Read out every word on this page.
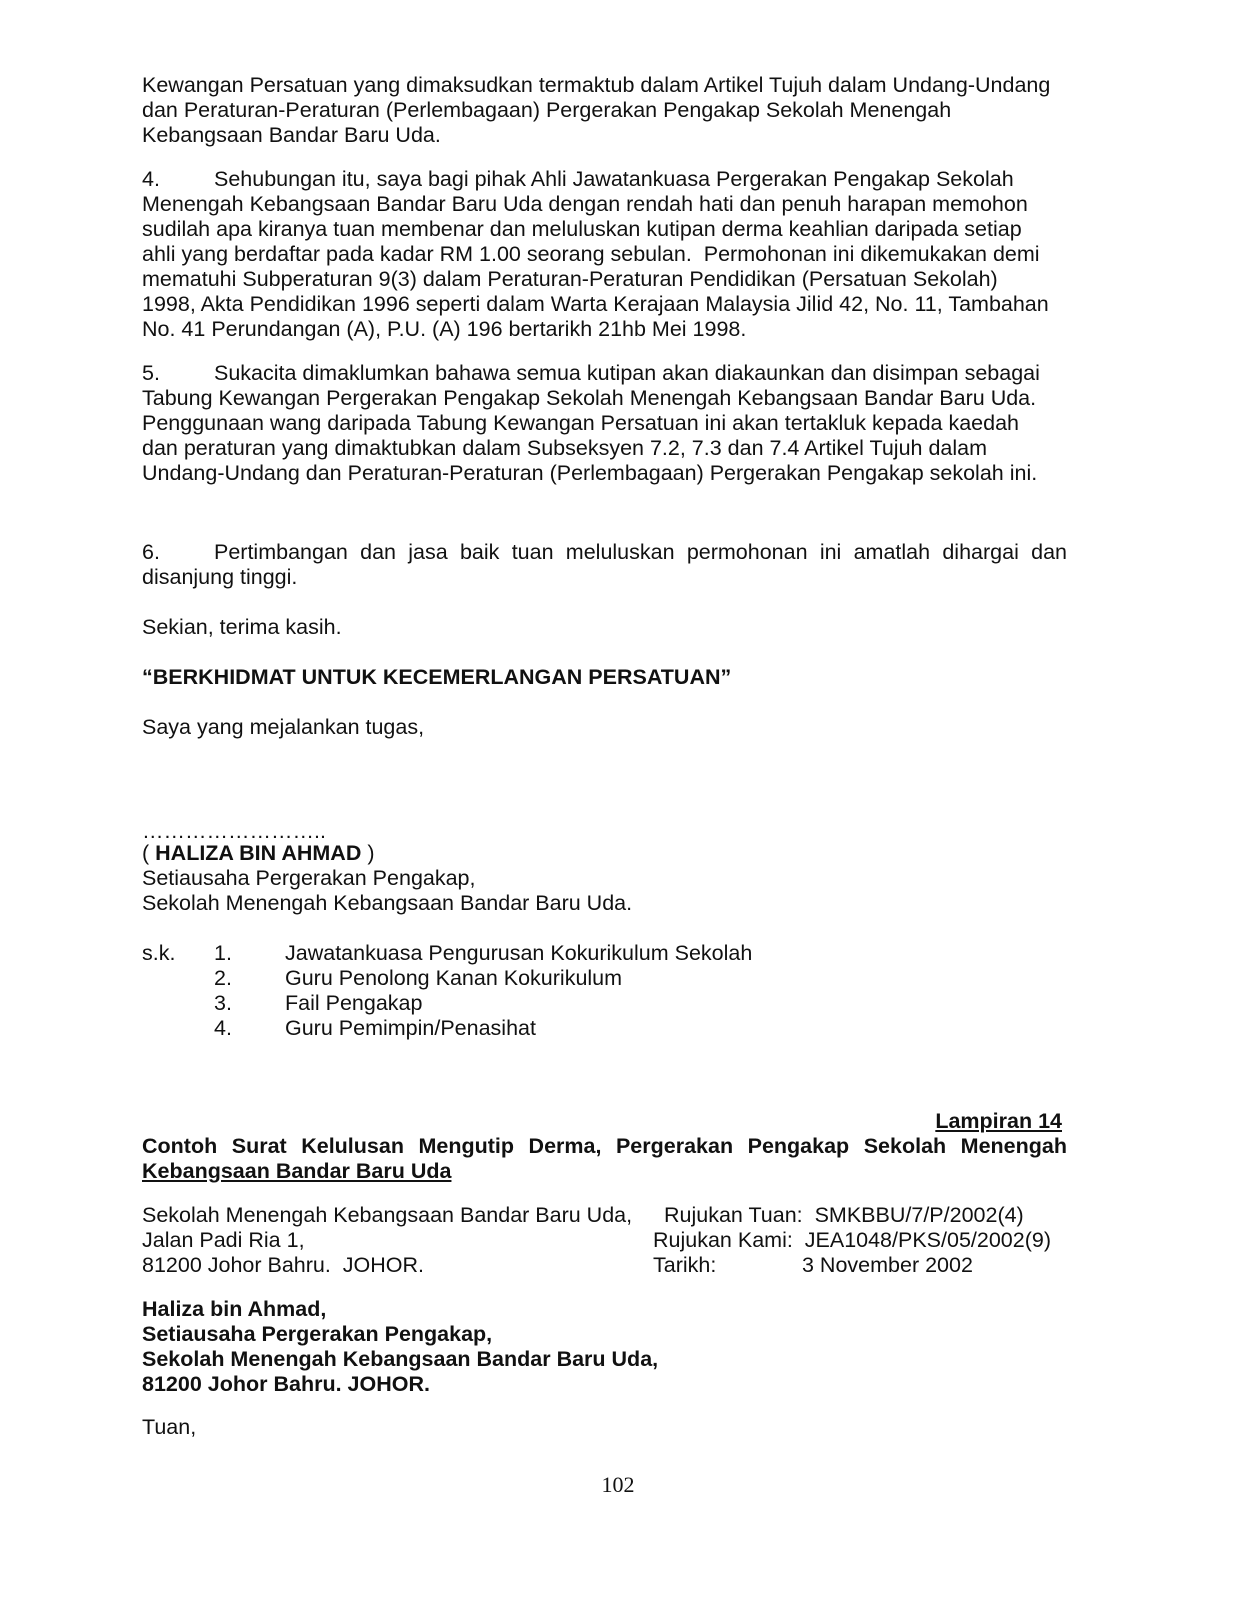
Kewangan Persatuan yang dimaksudkan termaktub dalam Artikel Tujuh dalam Undang-Undang
dan Peraturan-Peraturan (Perlembagaan) Pergerakan Pengakap Sekolah Menengah
Kebangsaan Bandar Baru Uda.
4.	Sehubungan itu, saya bagi pihak Ahli Jawatankuasa Pergerakan Pengakap Sekolah
Menengah Kebangsaan Bandar Baru Uda dengan rendah hati dan penuh harapan memohon
sudilah apa kiranya tuan membenar dan meluluskan kutipan derma keahlian daripada setiap
ahli yang berdaftar pada kadar RM 1.00 seorang sebulan.  Permohonan ini dikemukakan demi
mematuhi Subperaturan 9(3) dalam Peraturan-Peraturan Pendidikan (Persatuan Sekolah)
1998, Akta Pendidikan 1996 seperti dalam Warta Kerajaan Malaysia Jilid 42, No. 11, Tambahan
No. 41 Perundangan (A), P.U. (A) 196 bertarikh 21hb Mei 1998.
5.	Sukacita dimaklumkan bahawa semua kutipan akan diakaunkan dan disimpan sebagai
Tabung Kewangan Pergerakan Pengakap Sekolah Menengah Kebangsaan Bandar Baru Uda.
Penggunaan wang daripada Tabung Kewangan Persatuan ini akan tertakluk kepada kaedah
dan peraturan yang dimaktubkan dalam Subseksyen 7.2, 7.3 dan 7.4 Artikel Tujuh dalam
Undang-Undang dan Peraturan-Peraturan (Perlembagaan) Pergerakan Pengakap sekolah ini.
6.	Pertimbangan dan jasa baik tuan meluluskan permohonan ini amatlah dihargai dan
disanjung tinggi.
Sekian, terima kasih.
“BERKHIDMAT UNTUK KECEMERLANGAN PERSATUAN”
Saya yang mejalankan tugas,
……………………..
( HALIZA BIN AHMAD )
Setiausaha Pergerakan Pengakap,
Sekolah Menengah Kebangsaan Bandar Baru Uda.
s.k. 1. Jawatankuasa Pengurusan Kokurikulum Sekolah
2. Guru Penolong Kanan Kokurikulum
3. Fail Pengakap
4. Guru Pemimpin/Penasihat
Lampiran 14
Contoh Surat Kelulusan Mengutip Derma, Pergerakan Pengakap Sekolah Menengah
Kebangsaan Bandar Baru Uda
Sekolah Menengah Kebangsaan Bandar Baru Uda,
Jalan Padi Ria 1,
81200 Johor Bahru.  JOHOR.
Rujukan Tuan:  SMKBBU/7/P/2002(4)
Rujukan Kami:  JEA1048/PKS/05/2002(9)
Tarikh:	3 November 2002
Haliza bin Ahmad,
Setiausaha Pergerakan Pengakap,
Sekolah Menengah Kebangsaan Bandar Baru Uda,
81200 Johor Bahru. JOHOR.
Tuan,
102
